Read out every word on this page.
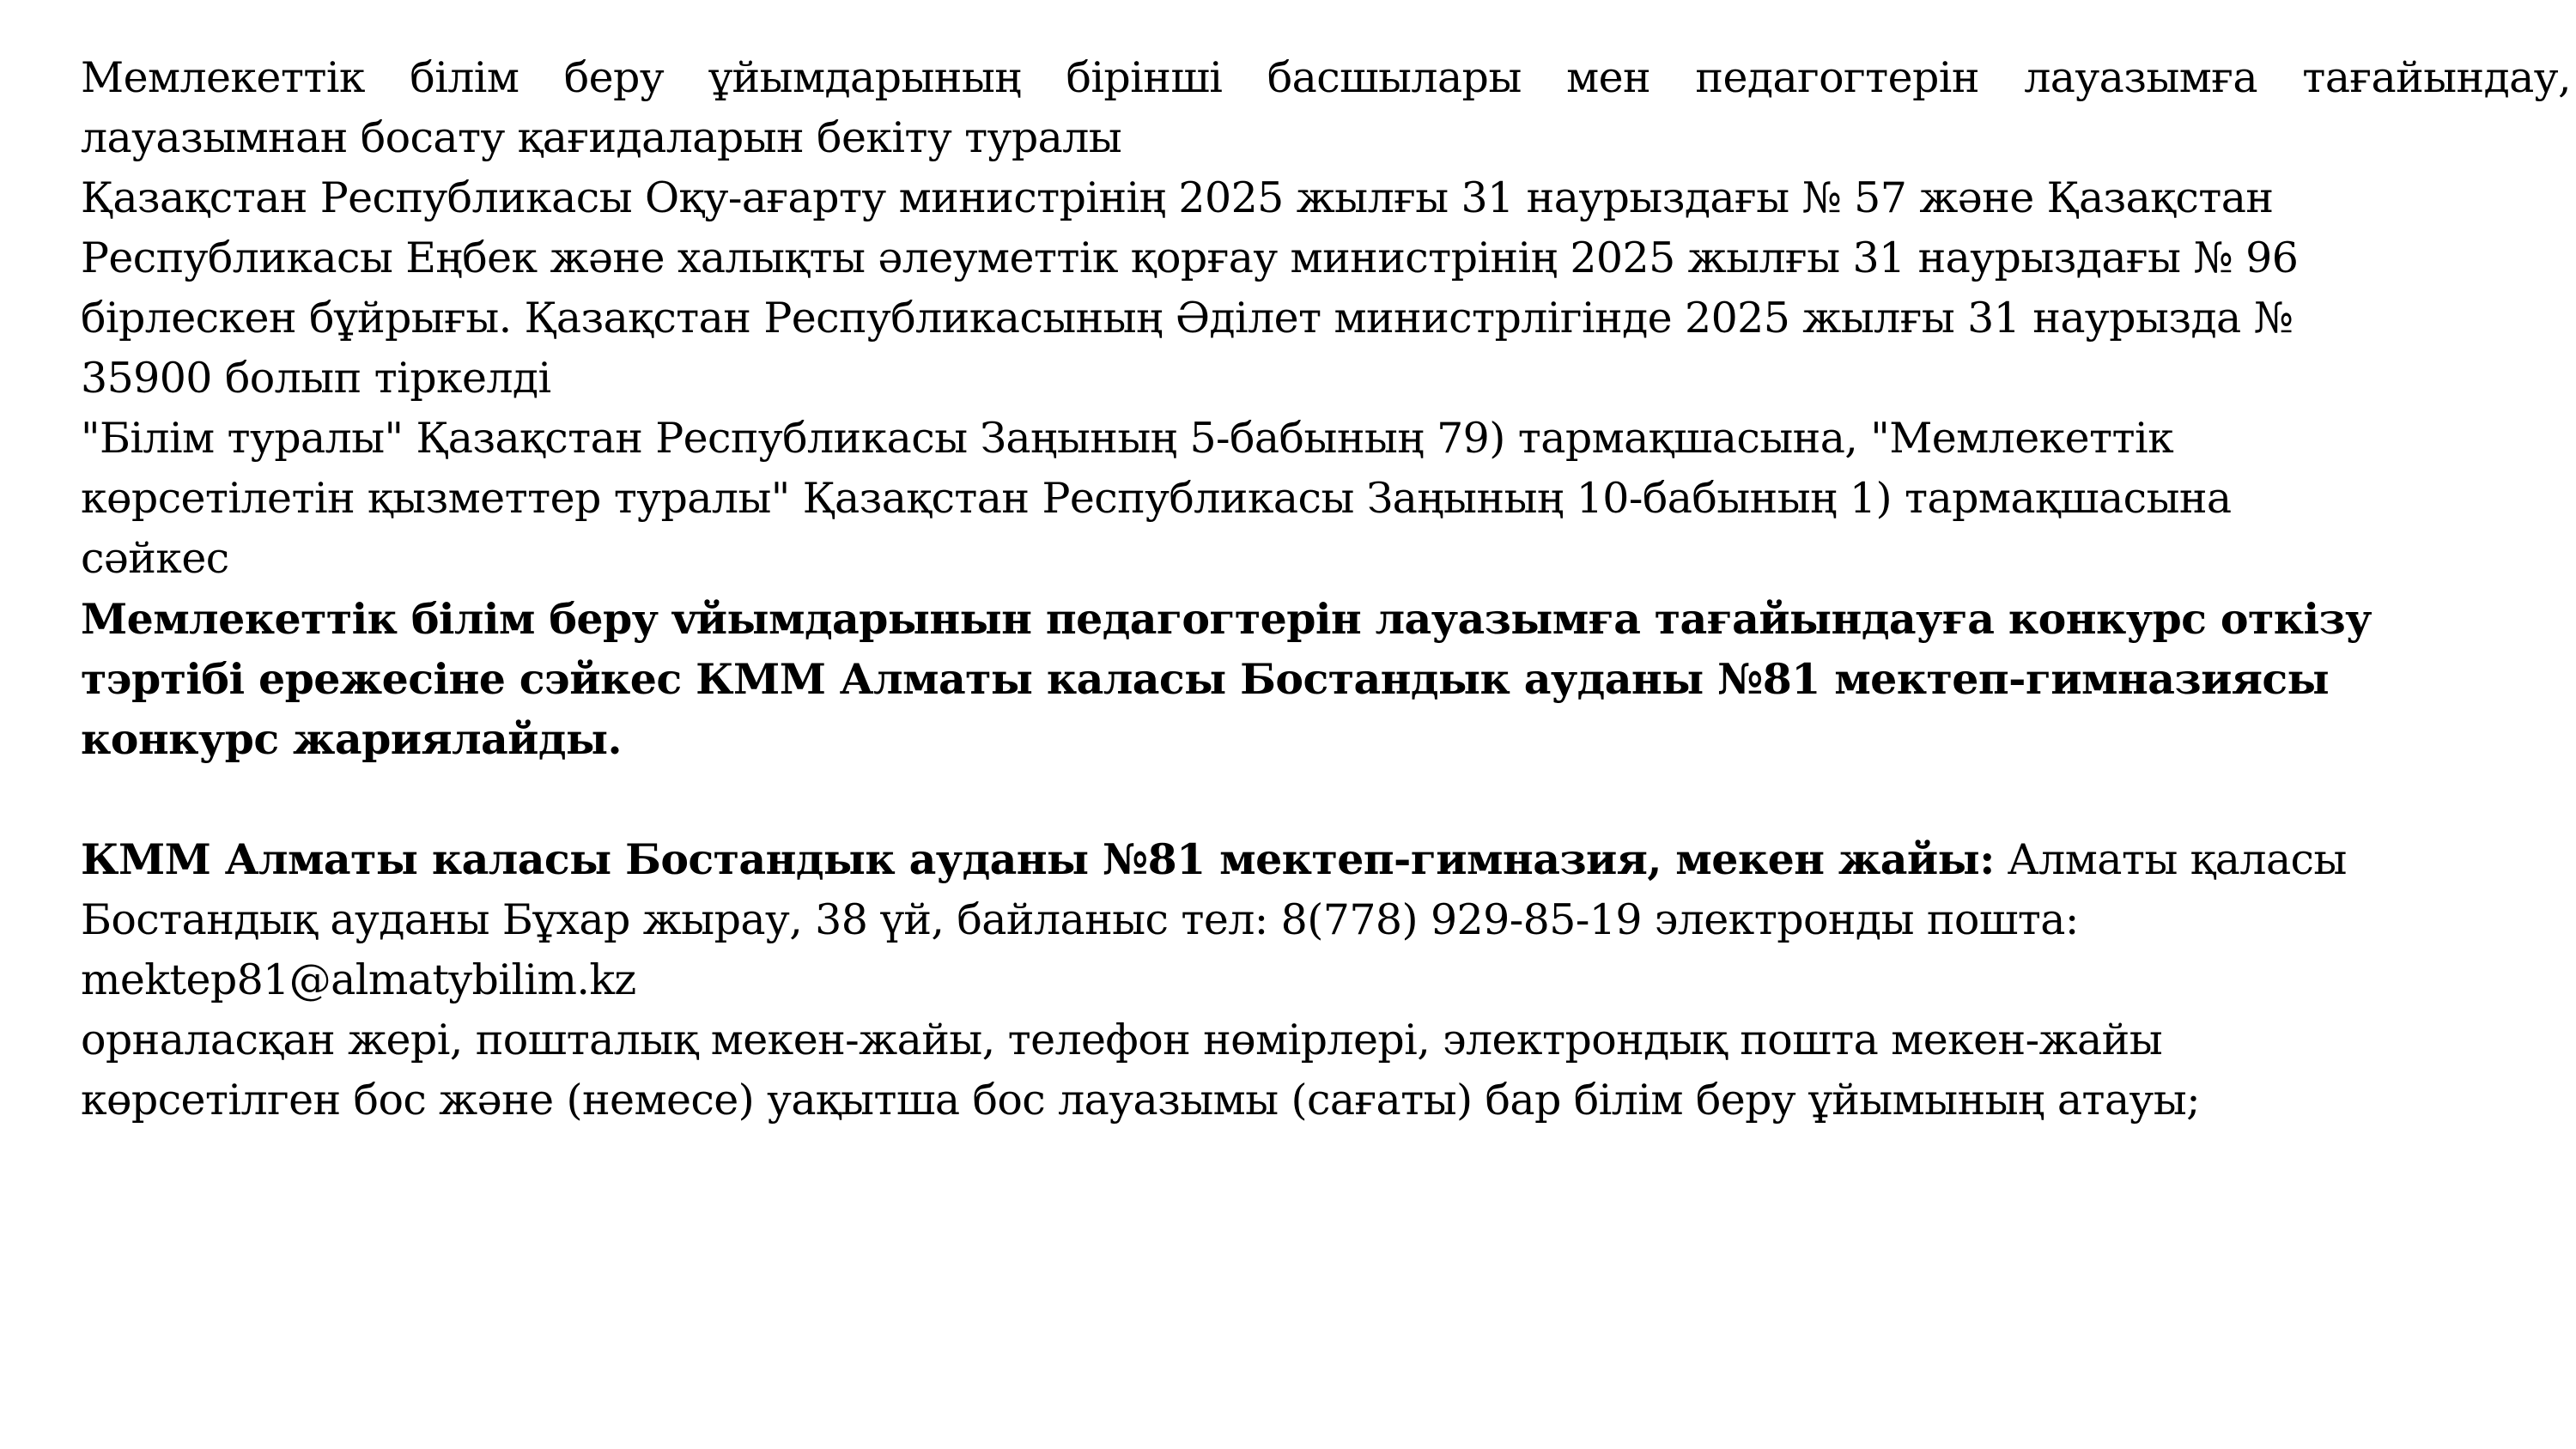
Мемлекеттік білім беру ұйымдарының бірінші басшылары мен педагогтерін лауазымға тағайындау,
лауазымнан босату қағидаларын бекіту туралы
Қазақстан Республикасы Оқу-ағарту министрінің 2025 жылғы 31 наурыздағы № 57 және Қазақстан
Республикасы Еңбек және халықты әлеуметтік қорғау министрінің 2025 жылғы 31 наурыздағы № 96
бірлескен бұйрығы. Қазақстан Республикасының Әділет министрлігінде 2025 жылғы 31 наурызда №
35900 болып тіркелді
"Білім туралы" Қазақстан Республикасы Заңының 5-бабының 79) тармақшасына, "Мемлекеттік
көрсетілетін қызметтер туралы" Қазақстан Республикасы Заңының 10-бабының 1) тармақшасына
сәйкес
Мемлекеттік білім беру vйымдарынын педагогтерін лауазымға тағайындауға конкурс откізу
тэртібі ережесіне сэйкес КММ Алматы каласы Бостандык ауданы №81 мектеп-гимназиясы
конкурс жариялайды.
КММ Алматы каласы Бостандык ауданы №81 мектеп-гимназия, мекен жайы: Алматы қаласы
Бостандық ауданы Бұхар жырау, 38 үй, байланыс тел: 8(778) 929-85-19 электронды пошта:
mektep81@almatybilim.kz
орналасқан жері, пошталық мекен-жайы, телефон нөмірлері, электрондық пошта мекен-жайы
көрсетілген бос және (немесе) уақытша бос лауазымы (сағаты) бар білім беру ұйымының атауы;
